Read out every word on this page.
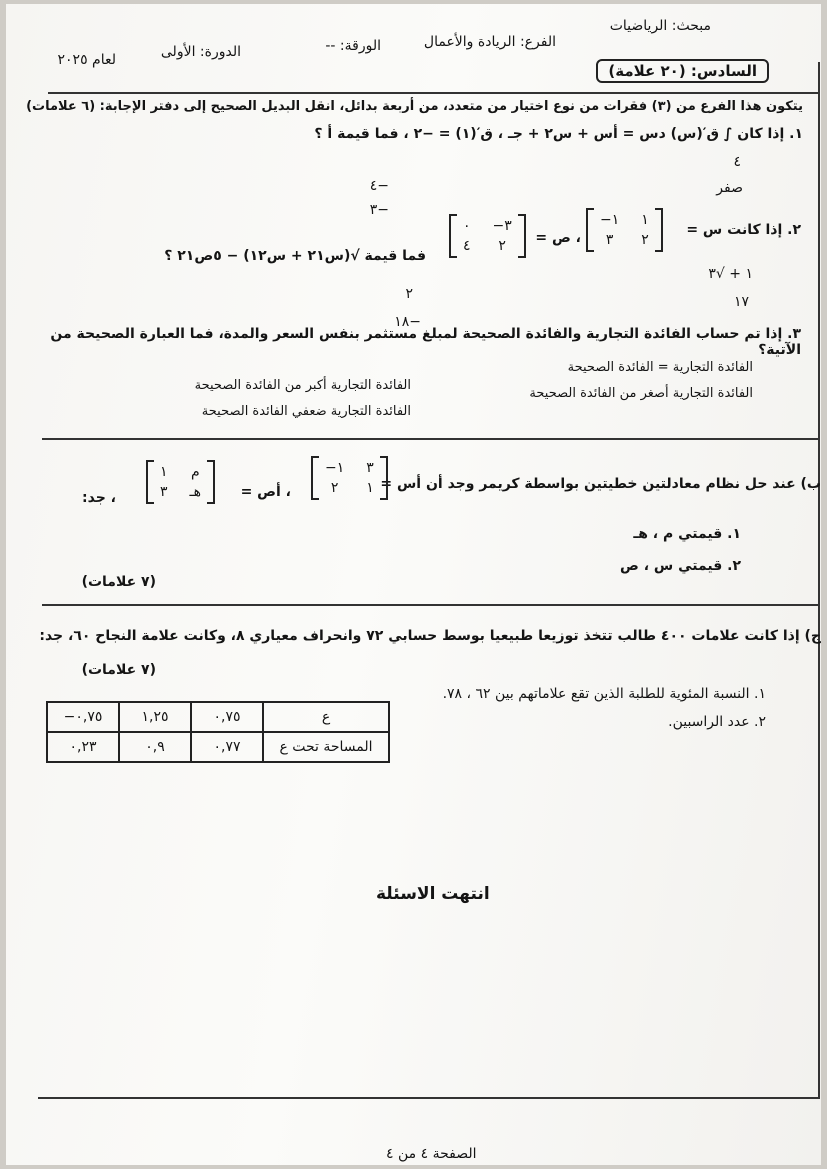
مبحث: الرياضيات
الفرع: الريادة والأعمال
الورقة: --
الدورة: الأولى
لعام ٢٠٢٥
السادس: (٢٠ علامة)
يتكون هذا الفرع من (٣) فقرات من نوع اختيار من متعدد، من أربعة بدائل، انقل البديل الصحيح إلى دفتر الإجابة: (٦ علامات)
١. إذا كان ∫ ق′(س) دس = أس + س٢ + جـ ، ق′(١) = −٢ ، فما قيمة أ ؟
٤
صفر
−٤
−٣
٢. إذا كانت س =
−١ ١
٣	٢
، ص =
٠ −٣
٤	٢
فما قيمة √(س٢١ + س١٢) − ٥ص٢١ ؟
١ + √٣
١٧
٢
−١٨
٣. إذا تم حساب الفائدة التجارية والفائدة الصحيحة لمبلغ مستثمر بنفس السعر والمدة، فما العبارة الصحيحة من الآتية؟
الفائدة التجارية = الفائدة الصحيحة
الفائدة التجارية أكبر من الفائدة الصحيحة
الفائدة التجارية أصغر من الفائدة الصحيحة
الفائدة التجارية ضعفي الفائدة الصحيحة
ب) عند حل نظام معادلتين خطيتين بواسطة كريمر وجد أن أس =
−١ ٣
٢	١
، أص =
١ م
٣ هـ
، جد:
١. قيمتي م ، هـ
٢. قيمتي س ، ص
(٧ علامات)
ج) إذا كانت علامات ٤٠٠ طالب تتخذ توزيعا طبيعيا بوسط حسابي ٧٢ وانحراف معياري ٨، وكانت علامة النجاح ٦٠، جد:
(٧ علامات)
١. النسبة المئوية للطلبة الذين تقع علاماتهم بين ٦٢ ، ٧٨.
٢. عدد الراسبين.
−٠,٧٥	١,٢٥	٠,٧٥	ع
٠,٢٣	٠,٩	٠,٧٧	المساحة تحت ع
انتهت الاسئلة
الصفحة ٤ من ٤
